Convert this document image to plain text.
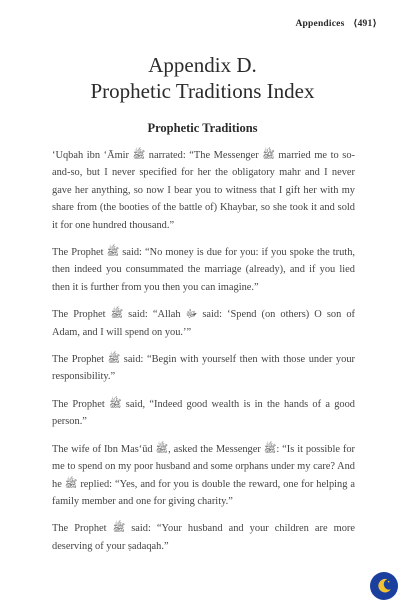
Appendices ⟨491⟩
Appendix D.
Prophetic Traditions Index
Prophetic Traditions

‘Uqbah ibn ‘Āmir ﷺ narrated: “The Messenger ﷺ married me to so-and-so, but I never specified for her the obligatory mahr and I never gave her anything, so now I bear you to witness that I gift her with my share from (the booties of the battle of) Khaybar, so she took it and sold it for one hundred thousand.”

The Prophet ﷺ said: “No money is due for you: if you spoke the truth, then indeed you consummated the marriage (already), and if you lied then it is further from you then you can imagine.”

The Prophet ﷺ said: “Allah ﷻ said: ‘Spend (on others) O son of Adam, and I will spend on you.’”

The Prophet ﷺ said: “Begin with yourself then with those under your responsibility.”

The Prophet ﷺ said, “Indeed good wealth is in the hands of a good person.”

The wife of Ibn Mas‘ūd ﷺ, asked the Messenger ﷺ: “Is it possible for me to spend on my poor husband and some orphans under my care? And he ﷺ replied: “Yes, and for you is double the reward, one for helping a family member and one for giving charity.”

The Prophet ﷺ said: “Your husband and your children are more deserving of your ṣadaqah.”
